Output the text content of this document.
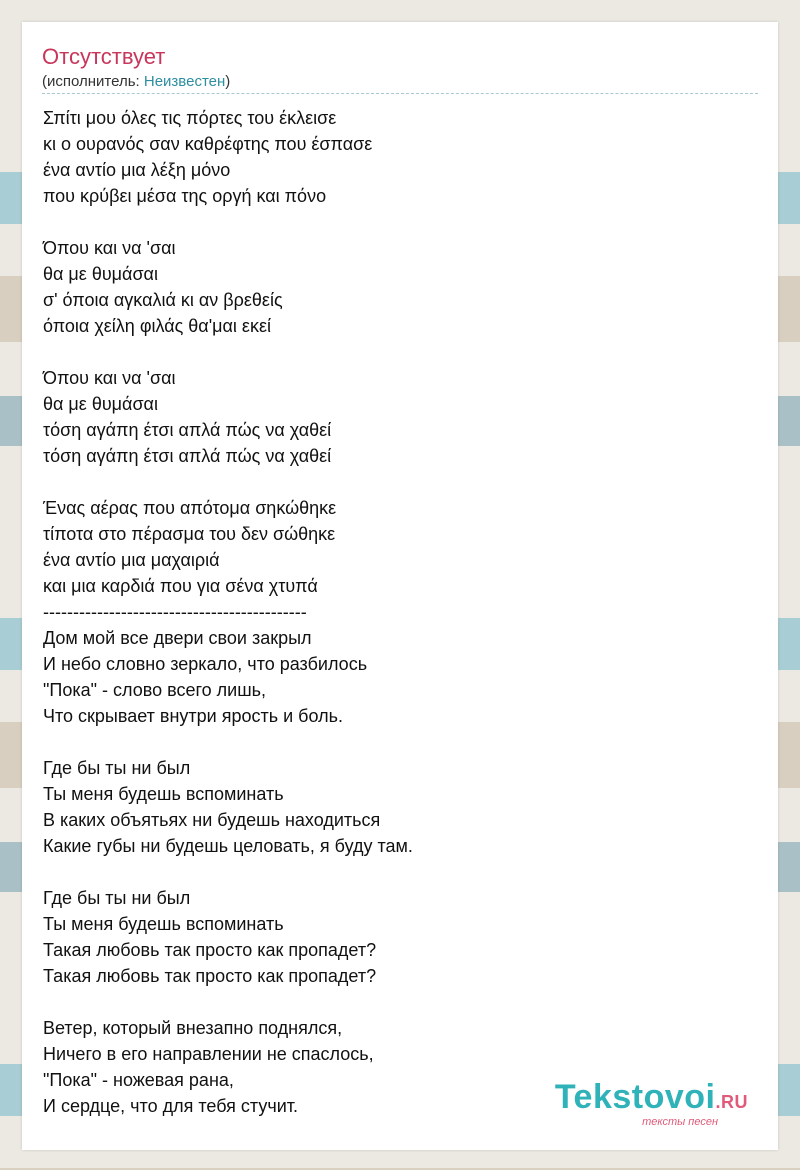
Отсутствует
(исполнитель: Неизвестен)
Σπίτι μου όλες τις πόρτες του έκλεισε
κι ο ουρανός σαν καθρέφτης που έσπασε
ένα αντίο μια λέξη μόνο
που κρύβει μέσα της οργή και πόνο
Όπου και να 'σαι
θα με θυμάσαι
σ' όποια αγκαλιά κι αν βρεθείς
όποια χείλη φιλάς θα'μαι εκεί
Όπου και να 'σαι
θα με θυμάσαι
τόση αγάπη έτσι απλά πώς να χαθεί
τόση αγάπη έτσι απλά πώς να χαθεί
Ένας αέρας που απότομα σηκώθηκε
τίποτα στο πέρασμα του δεν σώθηκε
ένα αντίο μια μαχαιριά
και μια καρδιά που για σένα χτυπά
--------------------------------------------
Дом мой все двери свои закрыл
И небо словно зеркало, что разбилось
"Пока" - слово всего лишь,
Что скрывает внутри ярость и боль.
Где бы ты ни был
Ты меня будешь вспоминать
В каких объятьях ни будешь находиться
Какие губы ни будешь целовать, я буду там.
Где бы ты ни был
Ты меня будешь вспоминать
Такая любовь так просто как пропадет?
Такая любовь так просто как пропадет?
Ветер, который внезапно поднялся,
Ничего в его направлении не спаслось,
"Пока" - ножевая рана,
И сердце, что для тебя стучит.	Tekstovoi.RU
тексты песен
